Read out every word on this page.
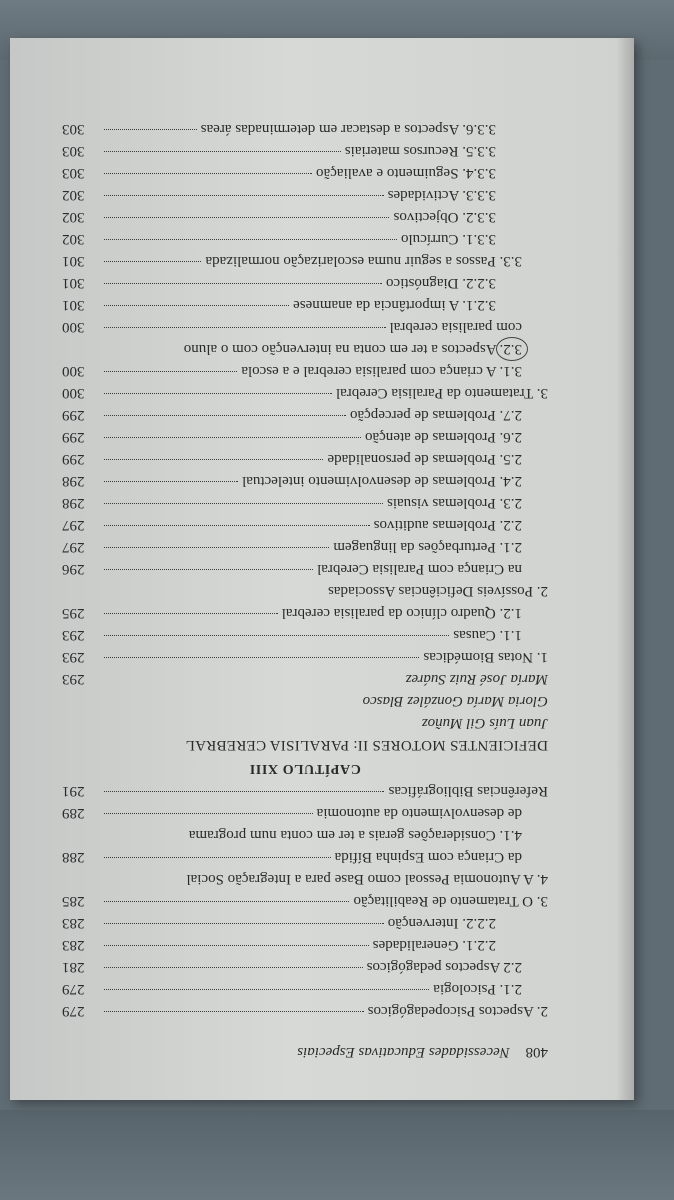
408 Necessidades Educativas Especiais
2. Aspectos Psicopedagógicos
279
2.1. Psicologia
279
2.2 Aspectos pedagógicos
281
2.2.1. Generalidades
283
2.2.2. Intervenção
283
3. O Tratamento de Reabilitação
285
4. A Autonomia Pessoal como Base para a Integração Social
da Criança com Espinha Bífida
288
4.1. Considerações gerais a ter em conta num programa
de desenvolvimento da autonomia
289
Referências Bibliográficas
291
CAPÍTULO XIII
DEFICIENTES MOTORES II: PARALISIA CEREBRAL
Juan Luís Gil Muñoz
Gloria María González Blasco
María José Ruiz Suárez
293
1. Notas Biomédicas
293
1.1. Causas
293
1.2. Quadro clínico da paralisia cerebral
295
2. Possíveis Deficiências Associadas
na Criança com Paralisia Cerebral
296
2.1. Perturbações da linguagem
297
2.2. Problemas auditivos
297
2.3. Problemas visuais
298
2.4. Problemas de desenvolvimento intelectual
298
2.5. Problemas de personalidade
299
2.6. Problemas de atenção
299
2.7. Problemas de percepção
299
3. Tratamento da Paralisia Cerebral
300
3.1. A criança com paralisia cerebral e a escola
300
3.2. Aspectos a ter em conta na intervenção com o aluno
com paralisia cerebral
300
3.2.1. A importância da anamnese
301
3.2.2. Diagnóstico
301
3.3. Passos a seguir numa escolarização normalizada
301
3.3.1. Currículo
302
3.3.2. Objectivos
302
3.3.3. Actividades
302
3.3.4. Seguimento e avaliação
303
3.3.5. Recursos materiais
303
3.3.6. Aspectos a destacar em determinadas áreas
303
